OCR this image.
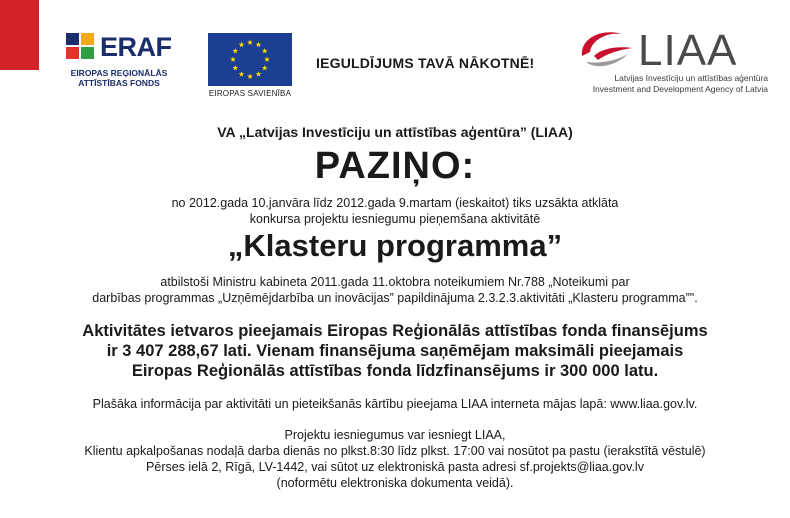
ERAF
EIROPAS REĢIONĀLĀS
ATTĪSTĪBAS FONDS
EIROPAS SAVIENĪBA
IEGULDĪJUMS TAVĀ NĀKOTNĒ! LIAA
Latvijas Investīciju un attīstības aģentūra
Investment and Development Agency of Latvia
VA „Latvijas Investīciju un attīstības aģentūra” (LIAA)
PAZIŅO:
no 2012.gada 10.janvāra līdz 2012.gada 9.martam (ieskaitot) tiks uzsākta atklāta
konkursa projektu iesniegumu pieņemšana aktivitātē
„Klasteru programma”
atbilstoši Ministru kabineta 2011.gada 11.oktobra noteikumiem Nr.788 „Noteikumi par
darbības programmas „Uzņēmējdarbība un inovācijas” papildinājuma 2.3.2.3.aktivitāti „Klasteru programma”".
Aktivitātes ietvaros pieejamais Eiropas Reģionālās attīstības fonda finansējums
ir 3 407 288,67 lati. Vienam finansējuma saņēmējam maksimāli pieejamais
Eiropas Reģionālās attīstības fonda līdzfinansējums ir 300 000 latu.
Plašāka informācija par aktivitāti un pieteikšanās kārtību pieejama LIAA interneta mājas lapā: www.liaa.gov.lv.
Projektu iesniegumus var iesniegt LIAA,
Klientu apkalpošanas nodaļā darba dienās no plkst.8:30 līdz plkst. 17:00 vai nosūtot pa pastu (ierakstītā vēstulē)
Pērses ielā 2, Rīgā, LV-1442, vai sūtot uz elektroniskā pasta adresi sf.projekts@liaa.gov.lv
(noformētu elektroniska dokumenta veidā).
